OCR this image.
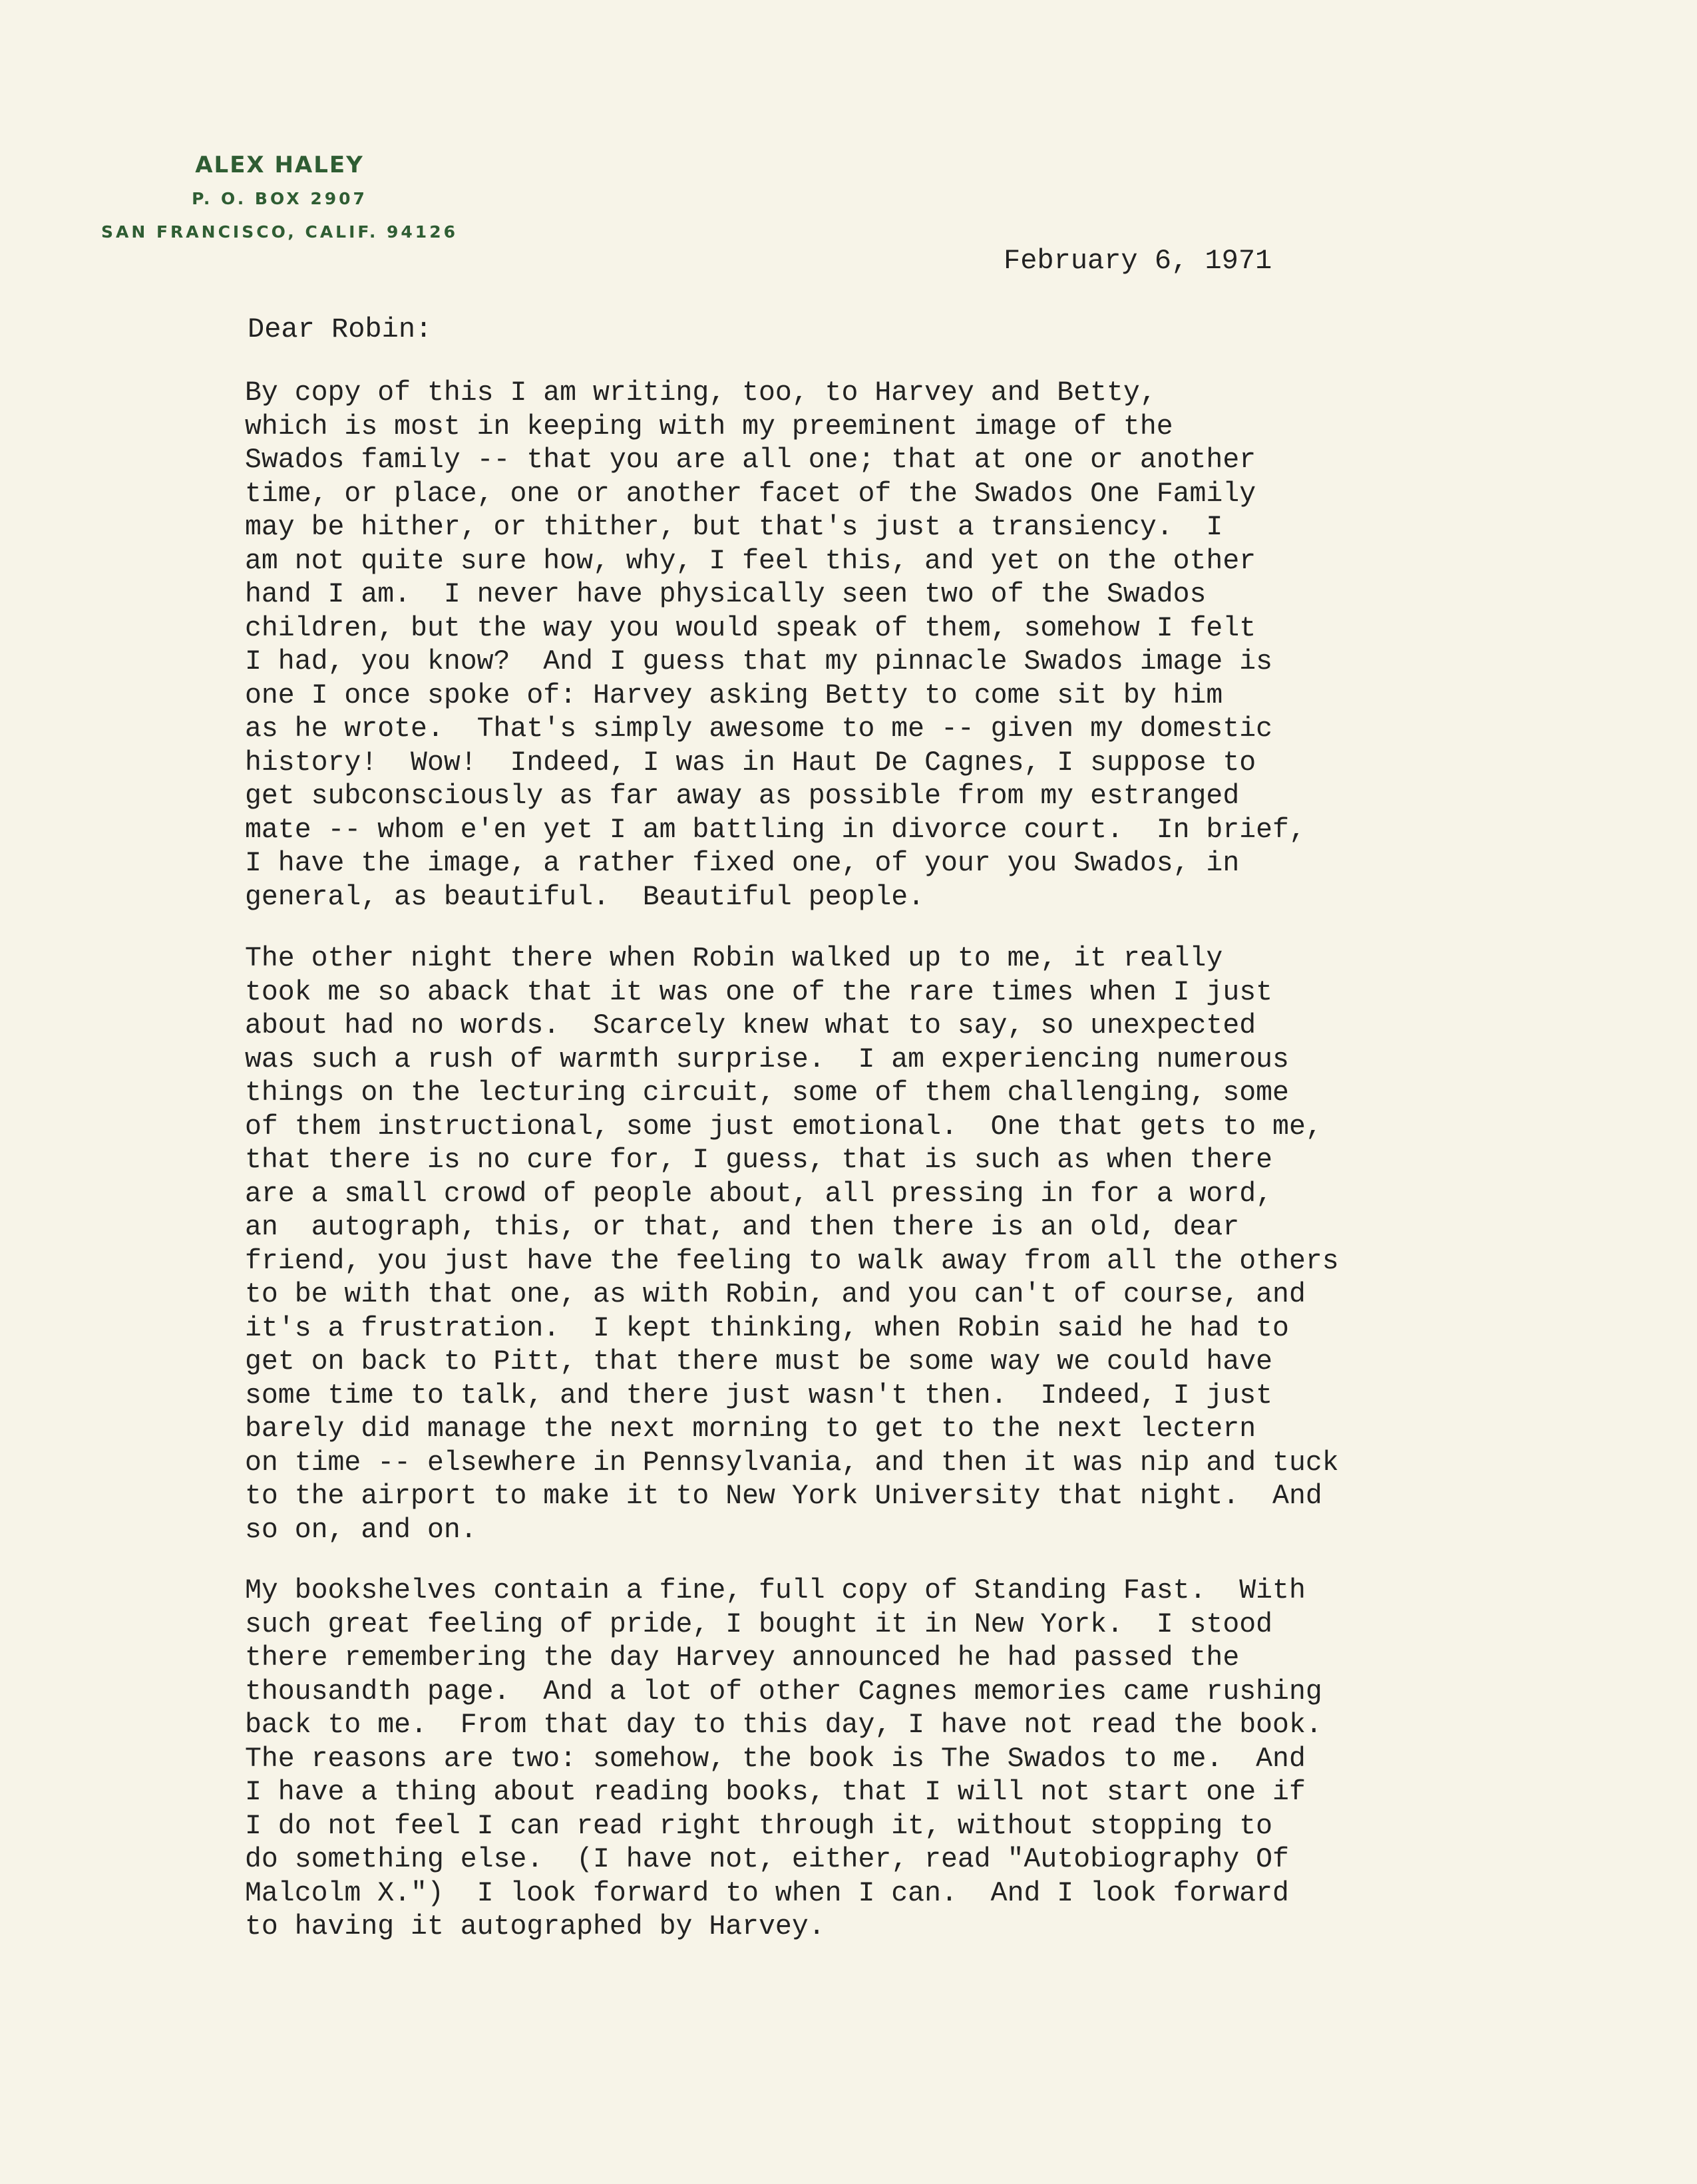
ALEX HALEY
P. O. BOX 2907
SAN FRANCISCO, CALIF. 94126
February 6, 1971
Dear Robin:
By copy of this I am writing, too, to Harvey and Betty,
which is most in keeping with my preeminent image of the
Swados family -- that you are all one; that at one or another
time, or place, one or another facet of the Swados One Family
may be hither, or thither, but that's just a transiency.  I
am not quite sure how, why, I feel this, and yet on the other
hand I am.  I never have physically seen two of the Swados
children, but the way you would speak of them, somehow I felt
I had, you know?  And I guess that my pinnacle Swados image is
one I once spoke of: Harvey asking Betty to come sit by him
as he wrote.  That's simply awesome to me -- given my domestic
history!  Wow!  Indeed, I was in Haut De Cagnes, I suppose to
get subconsciously as far away as possible from my estranged
mate -- whom e'en yet I am battling in divorce court.  In brief,
I have the image, a rather fixed one, of your you Swados, in
general, as beautiful.  Beautiful people.
The other night there when Robin walked up to me, it really
took me so aback that it was one of the rare times when I just
about had no words.  Scarcely knew what to say, so unexpected
was such a rush of warmth surprise.  I am experiencing numerous
things on the lecturing circuit, some of them challenging, some
of them instructional, some just emotional.  One that gets to me,
that there is no cure for, I guess, that is such as when there
are a small crowd of people about, all pressing in for a word,
an  autograph, this, or that, and then there is an old, dear
friend, you just have the feeling to walk away from all the others
to be with that one, as with Robin, and you can't of course, and
it's a frustration.  I kept thinking, when Robin said he had to
get on back to Pitt, that there must be some way we could have
some time to talk, and there just wasn't then.  Indeed, I just
barely did manage the next morning to get to the next lectern
on time -- elsewhere in Pennsylvania, and then it was nip and tuck
to the airport to make it to New York University that night.  And
so on, and on.
My bookshelves contain a fine, full copy of Standing Fast.  With
such great feeling of pride, I bought it in New York.  I stood
there remembering the day Harvey announced he had passed the
thousandth page.  And a lot of other Cagnes memories came rushing
back to me.  From that day to this day, I have not read the book.
The reasons are two: somehow, the book is The Swados to me.  And
I have a thing about reading books, that I will not start one if
I do not feel I can read right through it, without stopping to
do something else.  (I have not, either, read "Autobiography Of
Malcolm X.")  I look forward to when I can.  And I look forward
to having it autographed by Harvey.
